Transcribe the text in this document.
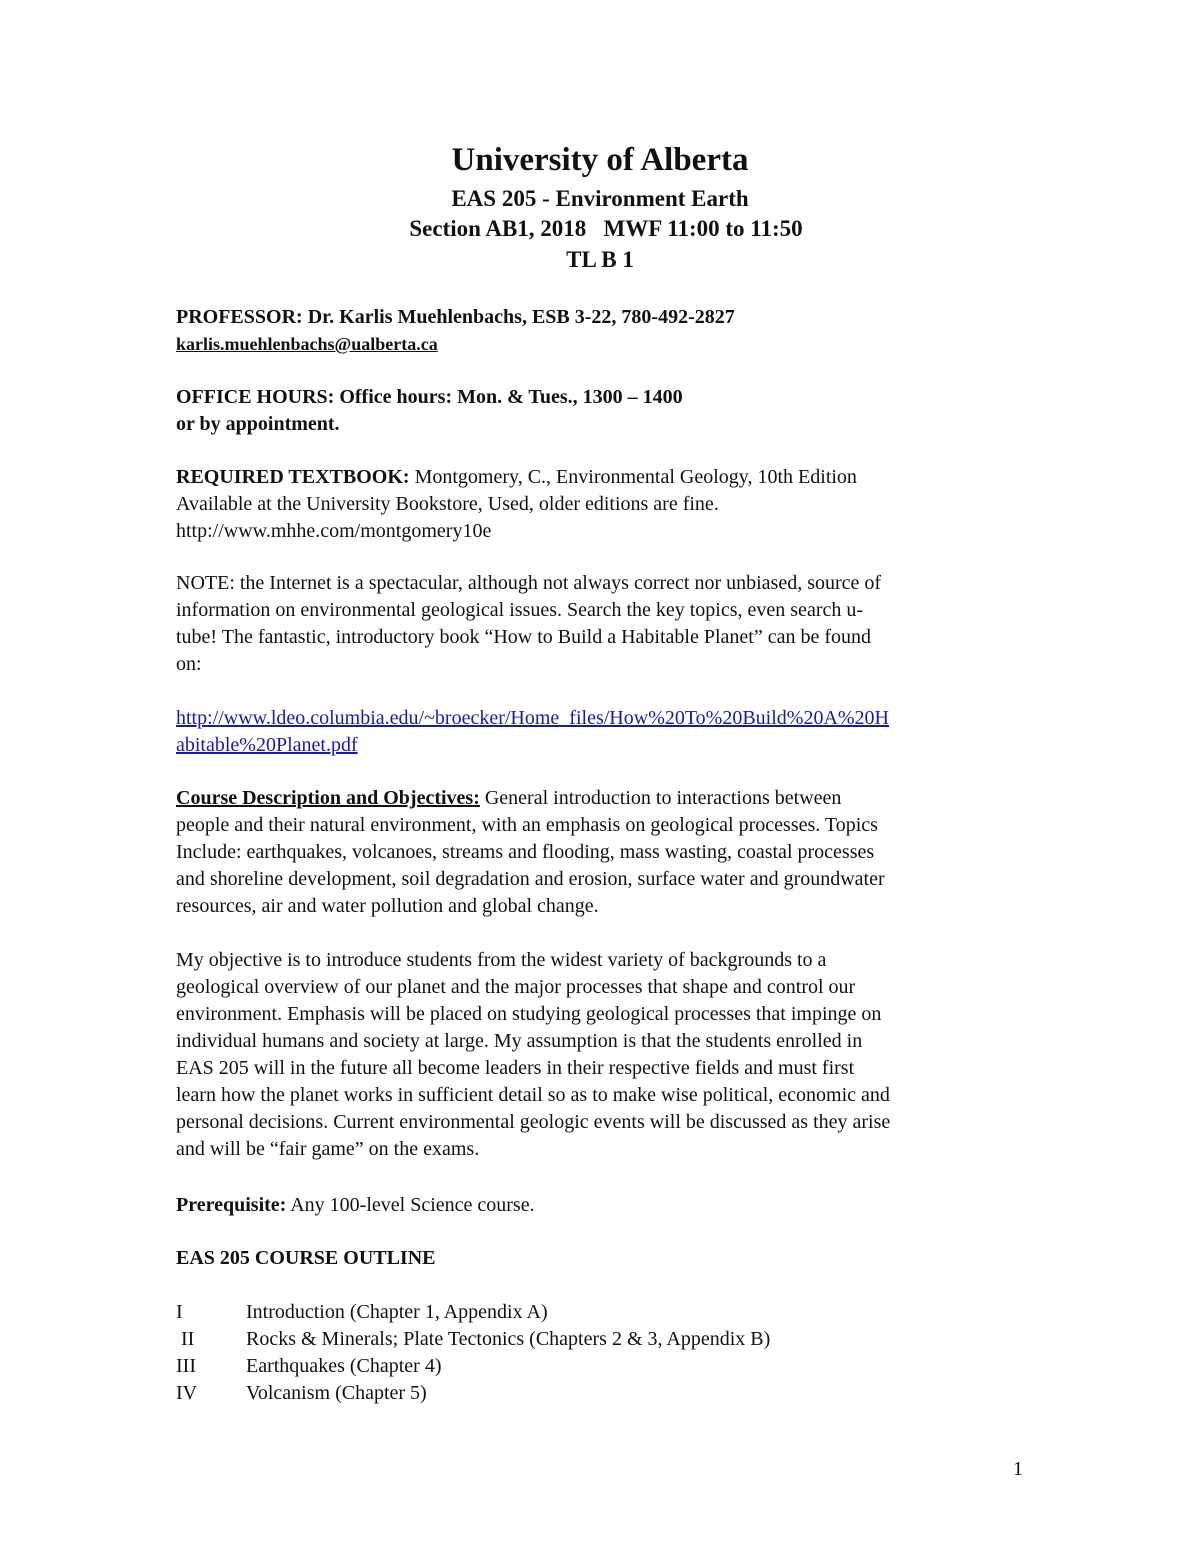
University of Alberta
EAS 205 - Environment Earth
Section AB1, 2018   MWF 11:00 to 11:50
TL B 1
PROFESSOR: Dr. Karlis Muehlenbachs, ESB 3-22, 780-492-2827
karlis.muehlenbachs@ualberta.ca
OFFICE HOURS: Office hours: Mon. & Tues., 1300 – 1400
or by appointment.
REQUIRED TEXTBOOK: Montgomery, C., Environmental Geology, 10th Edition
Available at the University Bookstore, Used, older editions are fine.
http://www.mhhe.com/montgomery10e
NOTE: the Internet is a spectacular, although not always correct nor unbiased, source of
information on environmental geological issues. Search the key topics, even search u-
tube! The fantastic, introductory book “How to Build a Habitable Planet” can be found
on:
http://www.ldeo.columbia.edu/~broecker/Home_files/How%20To%20Build%20A%20H
abitable%20Planet.pdf
Course Description and Objectives: General introduction to interactions between
people and their natural environment, with an emphasis on geological processes. Topics
Include: earthquakes, volcanoes, streams and flooding, mass wasting, coastal processes
and shoreline development, soil degradation and erosion, surface water and groundwater
resources, air and water pollution and global change.
My objective is to introduce students from the widest variety of backgrounds to a
geological overview of our planet and the major processes that shape and control our
environment. Emphasis will be placed on studying geological processes that impinge on
individual humans and society at large. My assumption is that the students enrolled in
EAS 205 will in the future all become leaders in their respective fields and must first
learn how the planet works in sufficient detail so as to make wise political, economic and
personal decisions. Current environmental geologic events will be discussed as they arise
and will be “fair game” on the exams.
Prerequisite: Any 100-level Science course.
EAS 205 COURSE OUTLINE
I	Introduction (Chapter 1, Appendix A)
II	Rocks & Minerals; Plate Tectonics (Chapters 2 & 3, Appendix B)
III	Earthquakes (Chapter 4)
IV Volcanism (Chapter 5)
1
